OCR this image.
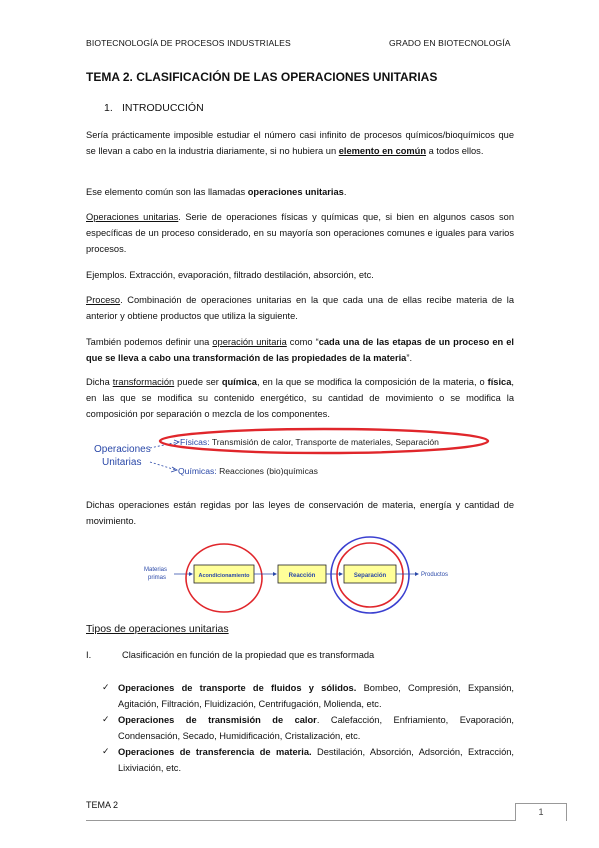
BIOTECNOLOGÍA DE PROCESOS INDUSTRIALES	GRADO EN BIOTECNOLOGÍA
TEMA 2. CLASIFICACIÓN DE LAS OPERACIONES UNITARIAS
1. INTRODUCCIÓN
Sería prácticamente imposible estudiar el número casi infinito de procesos químicos/bioquímicos que se llevan a cabo en la industria diariamente, si no hubiera un elemento en común a todos ellos.
Ese elemento común son las llamadas operaciones unitarias.
Operaciones unitarias. Serie de operaciones físicas y químicas que, si bien en algunos casos son específicas de un proceso considerado, en su mayoría son operaciones comunes e iguales para varios procesos.
Ejemplos. Extracción, evaporación, filtrado destilación, absorción, etc.
Proceso. Combinación de operaciones unitarias en la que cada una de ellas recibe materia de la anterior y obtiene productos que utiliza la siguiente.
También podemos definir una operación unitaria como “cada una de las etapas de un proceso en el que se lleva a cabo una transformación de las propiedades de la materia”.
Dicha transformación puede ser química, en la que se modifica la composición de la materia, o física, en las que se modifica su contenido energético, su cantidad de movimiento o se modifica la composición por separación o mezcla de los componentes.
Operaciones
Unitarias
Físicas: Transmisión de calor, Transporte de materiales, Separación
Químicas: Reacciones (bio)químicas
Dichas operaciones están regidas por las leyes de conservación de materia, energía y cantidad de movimiento.
Materias
primas	Acondicionamiento	Reacción	Separación	Productos
Tipos de operaciones unitarias
I.	Clasificación en función de la propiedad que es transformada
✓ Operaciones de transporte de fluidos y sólidos. Bombeo, Compresión, Expansión, Agitación, Filtración, Fluidización, Centrifugación, Molienda, etc.
✓ Operaciones de transmisión de calor. Calefacción, Enfriamiento, Evaporación, Condensación, Secado, Humidificación, Cristalización, etc.
✓ Operaciones de transferencia de materia. Destilación, Absorción, Adsorción, Extracción, Lixiviación, etc.
TEMA 2
1
